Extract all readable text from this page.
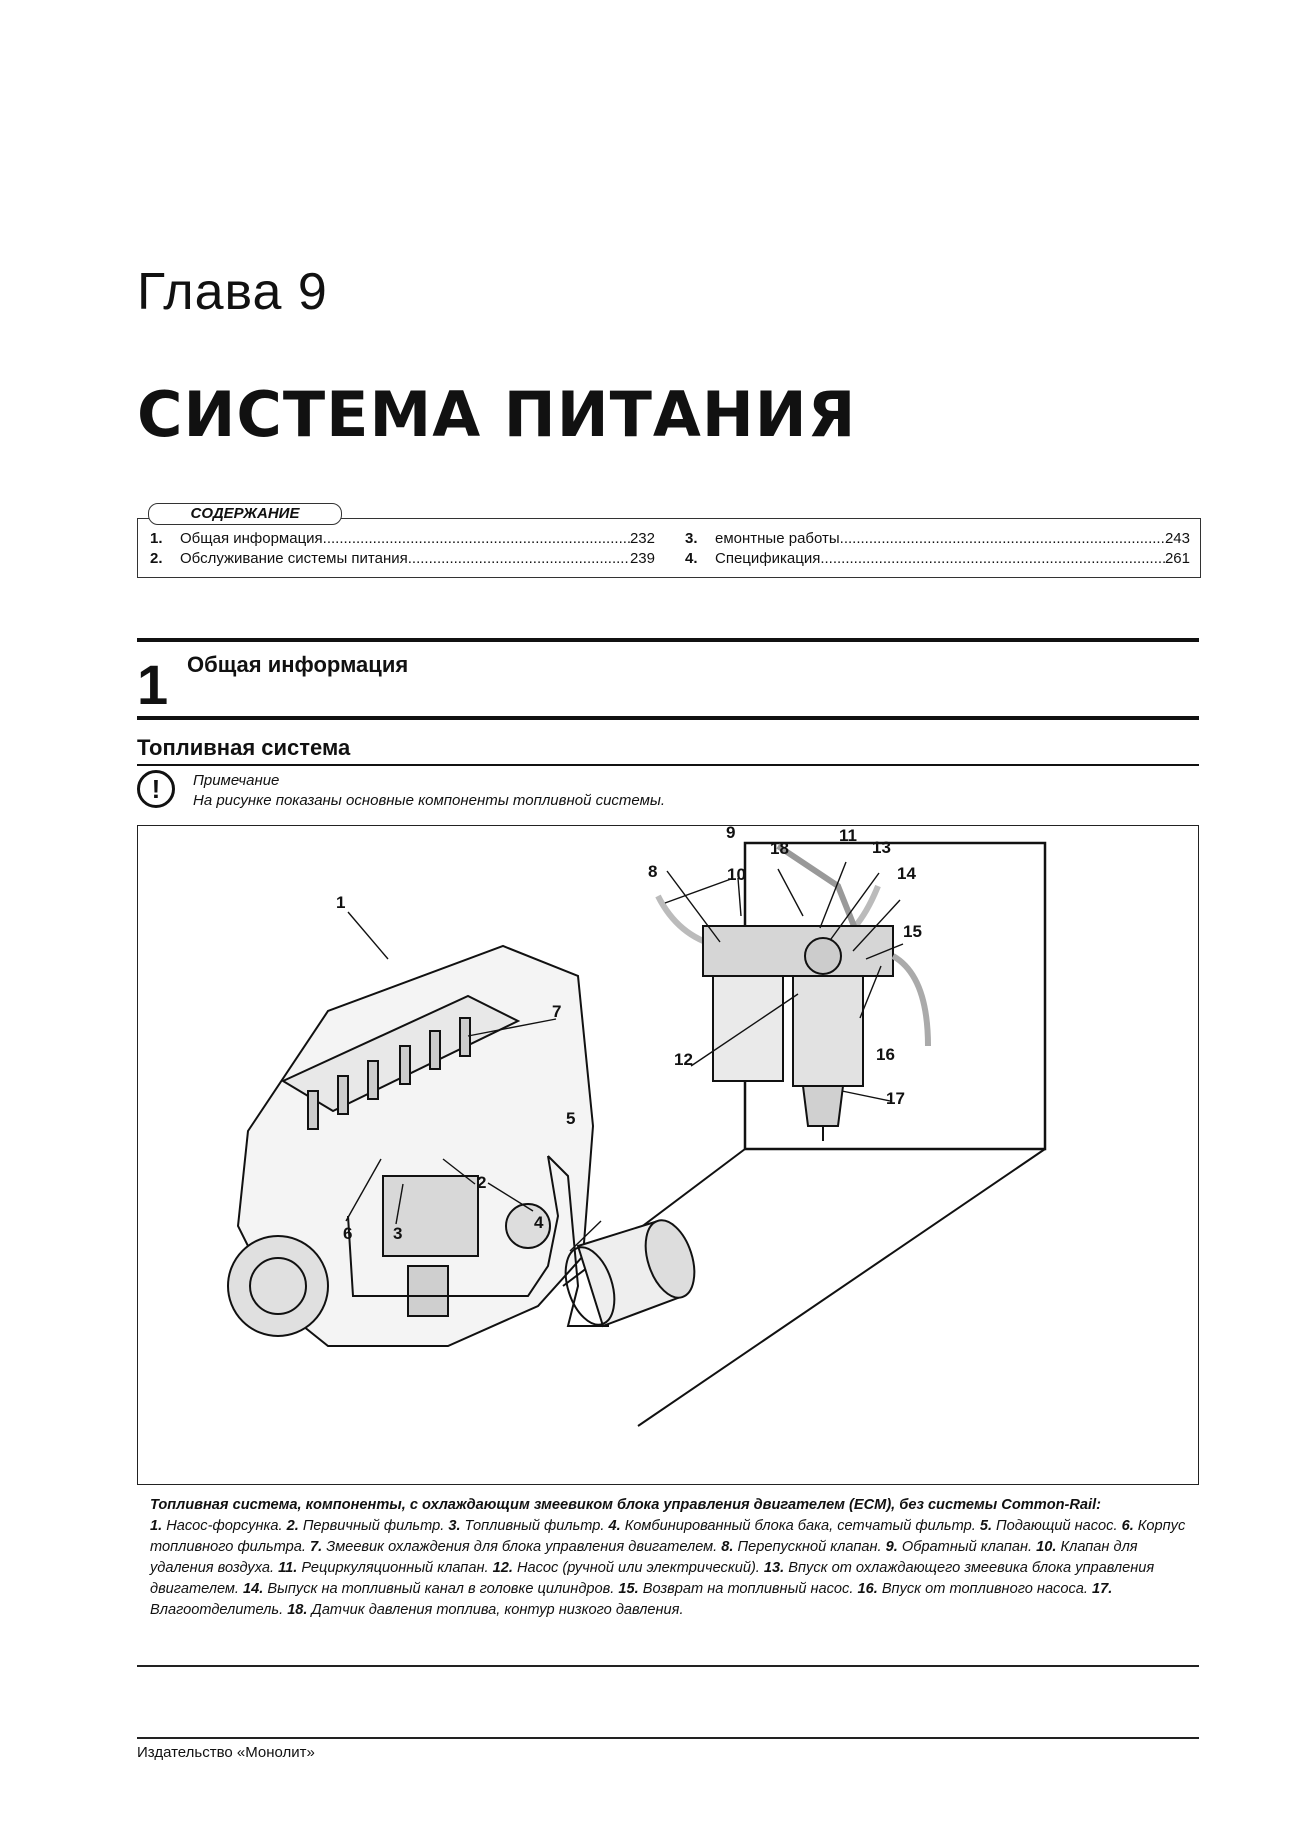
Глава 9
СИСТЕМА ПИТАНИЯ
СОДЕРЖАНИЕ
1.	Общая информация .....	232
2.	Обслуживание системы питания .....	239
3.	емонтные работы .....	243
4.	Спецификация .....	261
1 Общая информация
Топливная система
!	Примечание
На рисунке показаны основные компоненты топливной системы.
1
2
3
4
5
6
7
8
9
10
11
12
13
14
15
16
17
18
Топливная система, компоненты, с охлаждающим змеевиком блока управления двигателем (ECM), без системы Common-Rail:
1. Насос-форсунка. 2. Первичный фильтр. 3. Топливный фильтр. 4. Комбинированный блока бака, сетчатый фильтр. 5. Подающий насос. 6. Корпус топливного фильтра. 7. Змеевик охлаждения для блока управления двигателем. 8. Перепускной клапан. 9. Обратный клапан. 10. Клапан для удаления воздуха. 11. Рециркуляционный клапан. 12. Насос (ручной или электрический). 13. Впуск от охлаждающего змеевика блока управления двигателем. 14. Выпуск на топливный канал в головке цилиндров. 15. Возврат на топливный насос. 16. Впуск от топливного насоса. 17. Влагоотделитель. 18. Датчик давления топлива, контур низкого давления.
Издательство «Монолит»
